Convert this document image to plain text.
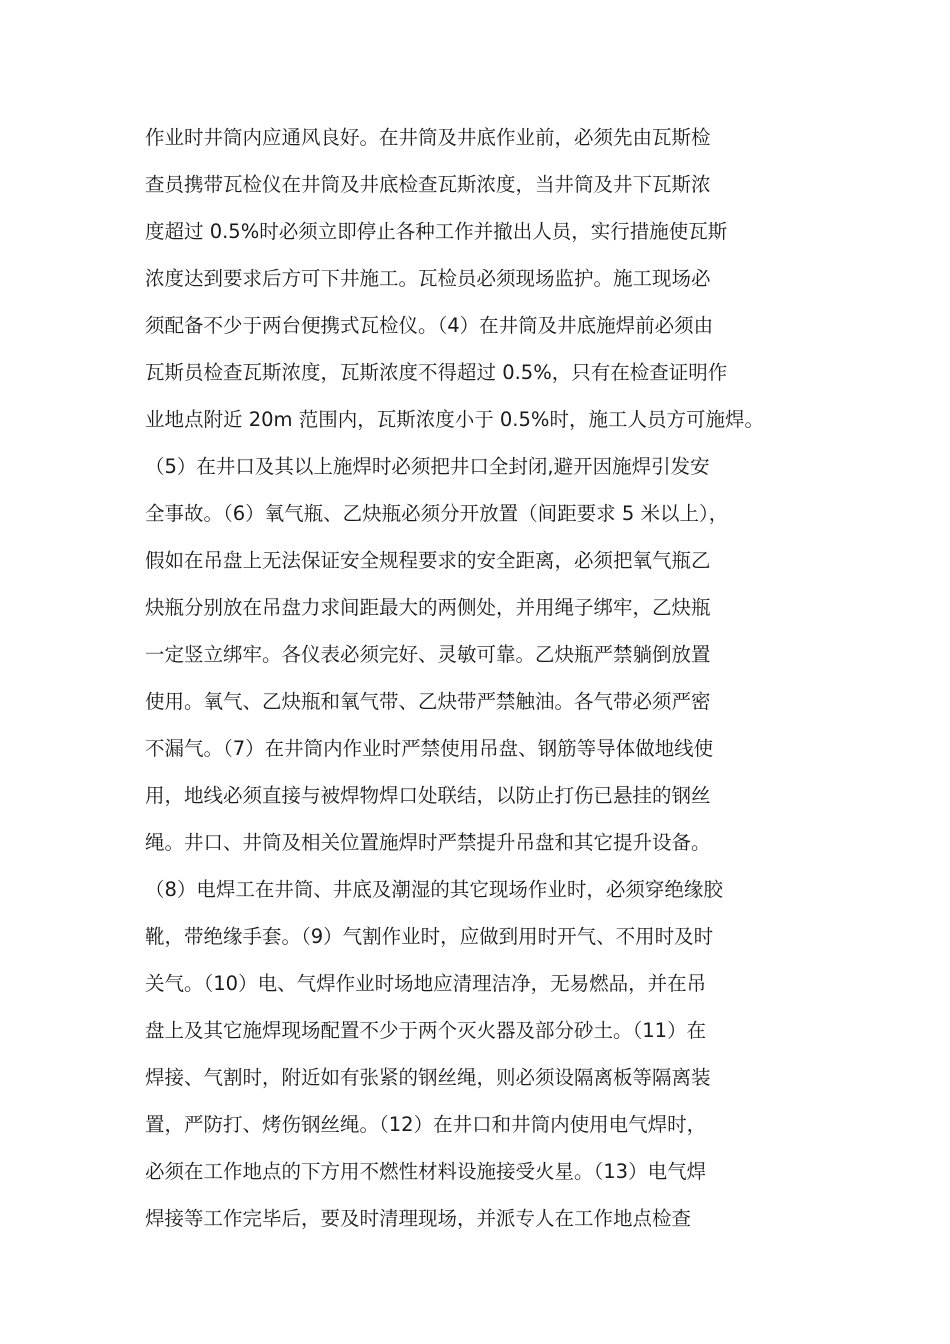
作业时井筒内应通风良好。在井筒及井底作业前，必须先由瓦斯检
查员携带瓦检仪在井筒及井底检查瓦斯浓度，当井筒及井下瓦斯浓
度超过 0.5%时必须立即停止各种工作并撤出人员，实行措施使瓦斯
浓度达到要求后方可下井施工。瓦检员必须现场监护。施工现场必
须配备不少于两台便携式瓦检仪。（4）在井筒及井底施焊前必须由
瓦斯员检查瓦斯浓度，瓦斯浓度不得超过 0.5%，只有在检查证明作
业地点附近 20m 范围内，瓦斯浓度小于 0.5%时，施工人员方可施焊。
（5）在井口及其以上施焊时必须把井口全封闭,避开因施焊引发安
全事故。（6）氧气瓶、乙炔瓶必须分开放置（间距要求 5 米以上），
假如在吊盘上无法保证安全规程要求的安全距离，必须把氧气瓶乙
炔瓶分别放在吊盘力求间距最大的两侧处，并用绳子绑牢，乙炔瓶
一定竖立绑牢。各仪表必须完好、灵敏可靠。乙炔瓶严禁躺倒放置
使用。氧气、乙炔瓶和氧气带、乙炔带严禁触油。各气带必须严密
不漏气。（7）在井筒内作业时严禁使用吊盘、钢筋等导体做地线使
用，地线必须直接与被焊物焊口处联结，以防止打伤已悬挂的钢丝
绳。井口、井筒及相关位置施焊时严禁提升吊盘和其它提升设备。
（8）电焊工在井筒、井底及潮湿的其它现场作业时，必须穿绝缘胶
靴，带绝缘手套。（9）气割作业时，应做到用时开气、不用时及时
关气。（10）电、气焊作业时场地应清理洁净，无易燃品，并在吊
盘上及其它施焊现场配置不少于两个灭火器及部分砂土。（11）在
焊接、气割时，附近如有张紧的钢丝绳，则必须设隔离板等隔离装
置，严防打、烤伤钢丝绳。（12）在井口和井筒内使用电气焊时，
必须在工作地点的下方用不燃性材料设施接受火星。（13）电气焊
焊接等工作完毕后，要及时清理现场，并派专人在工作地点检查
